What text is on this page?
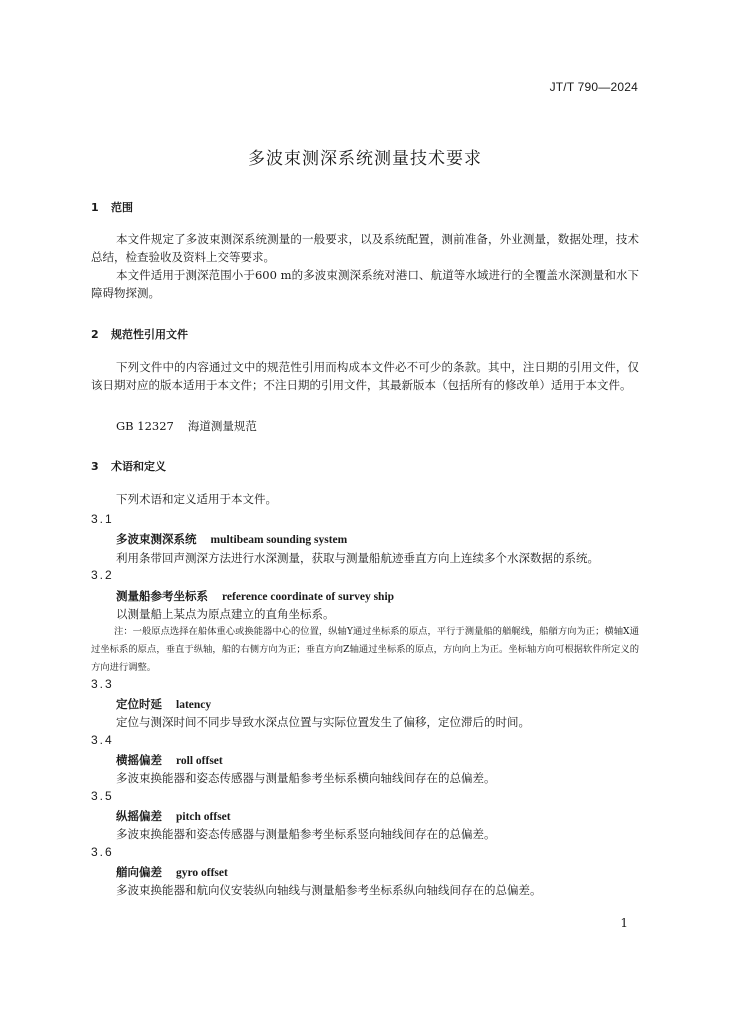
JT/T 790—2024
多波束测深系统测量技术要求
1 范围
本文件规定了多波束测深系统测量的一般要求，以及系统配置，测前准备，外业测量，数据处理，技术总结，检查验收及资料上交等要求。
本文件适用于测深范围小于600 m的多波束测深系统对港口、航道等水域进行的全覆盖水深测量和水下障碍物探测。
2 规范性引用文件
下列文件中的内容通过文中的规范性引用而构成本文件必不可少的条款。其中，注日期的引用文件，仅该日期对应的版本适用于本文件；不注日期的引用文件，其最新版本（包括所有的修改单）适用于本文件。
GB 12327 海道测量规范
3 术语和定义
下列术语和定义适用于本文件。
3.1
多波束测深系统 multibeam sounding system
利用条带回声测深方法进行水深测量，获取与测量船航迹垂直方向上连续多个水深数据的系统。
3.2
测量船参考坐标系 reference coordinate of survey ship
以测量船上某点为原点建立的直角坐标系。
注：一般原点选择在船体重心或换能器中心的位置，纵轴Y通过坐标系的原点，平行于测量船的艏艉线，船艏方向为正；横轴X通过坐标系的原点，垂直于纵轴，船的右侧方向为正；垂直方向Z轴通过坐标系的原点，方向向上为正。坐标轴方向可根据软件所定义的方向进行调整。
3.3
定位时延 latency
定位与测深时间不同步导致水深点位置与实际位置发生了偏移，定位滞后的时间。
3.4
横摇偏差 roll offset
多波束换能器和姿态传感器与测量船参考坐标系横向轴线间存在的总偏差。
3.5
纵摇偏差 pitch offset
多波束换能器和姿态传感器与测量船参考坐标系竖向轴线间存在的总偏差。
3.6
艏向偏差 gyro offset
多波束换能器和航向仪安装纵向轴线与测量船参考坐标系纵向轴线间存在的总偏差。
1
